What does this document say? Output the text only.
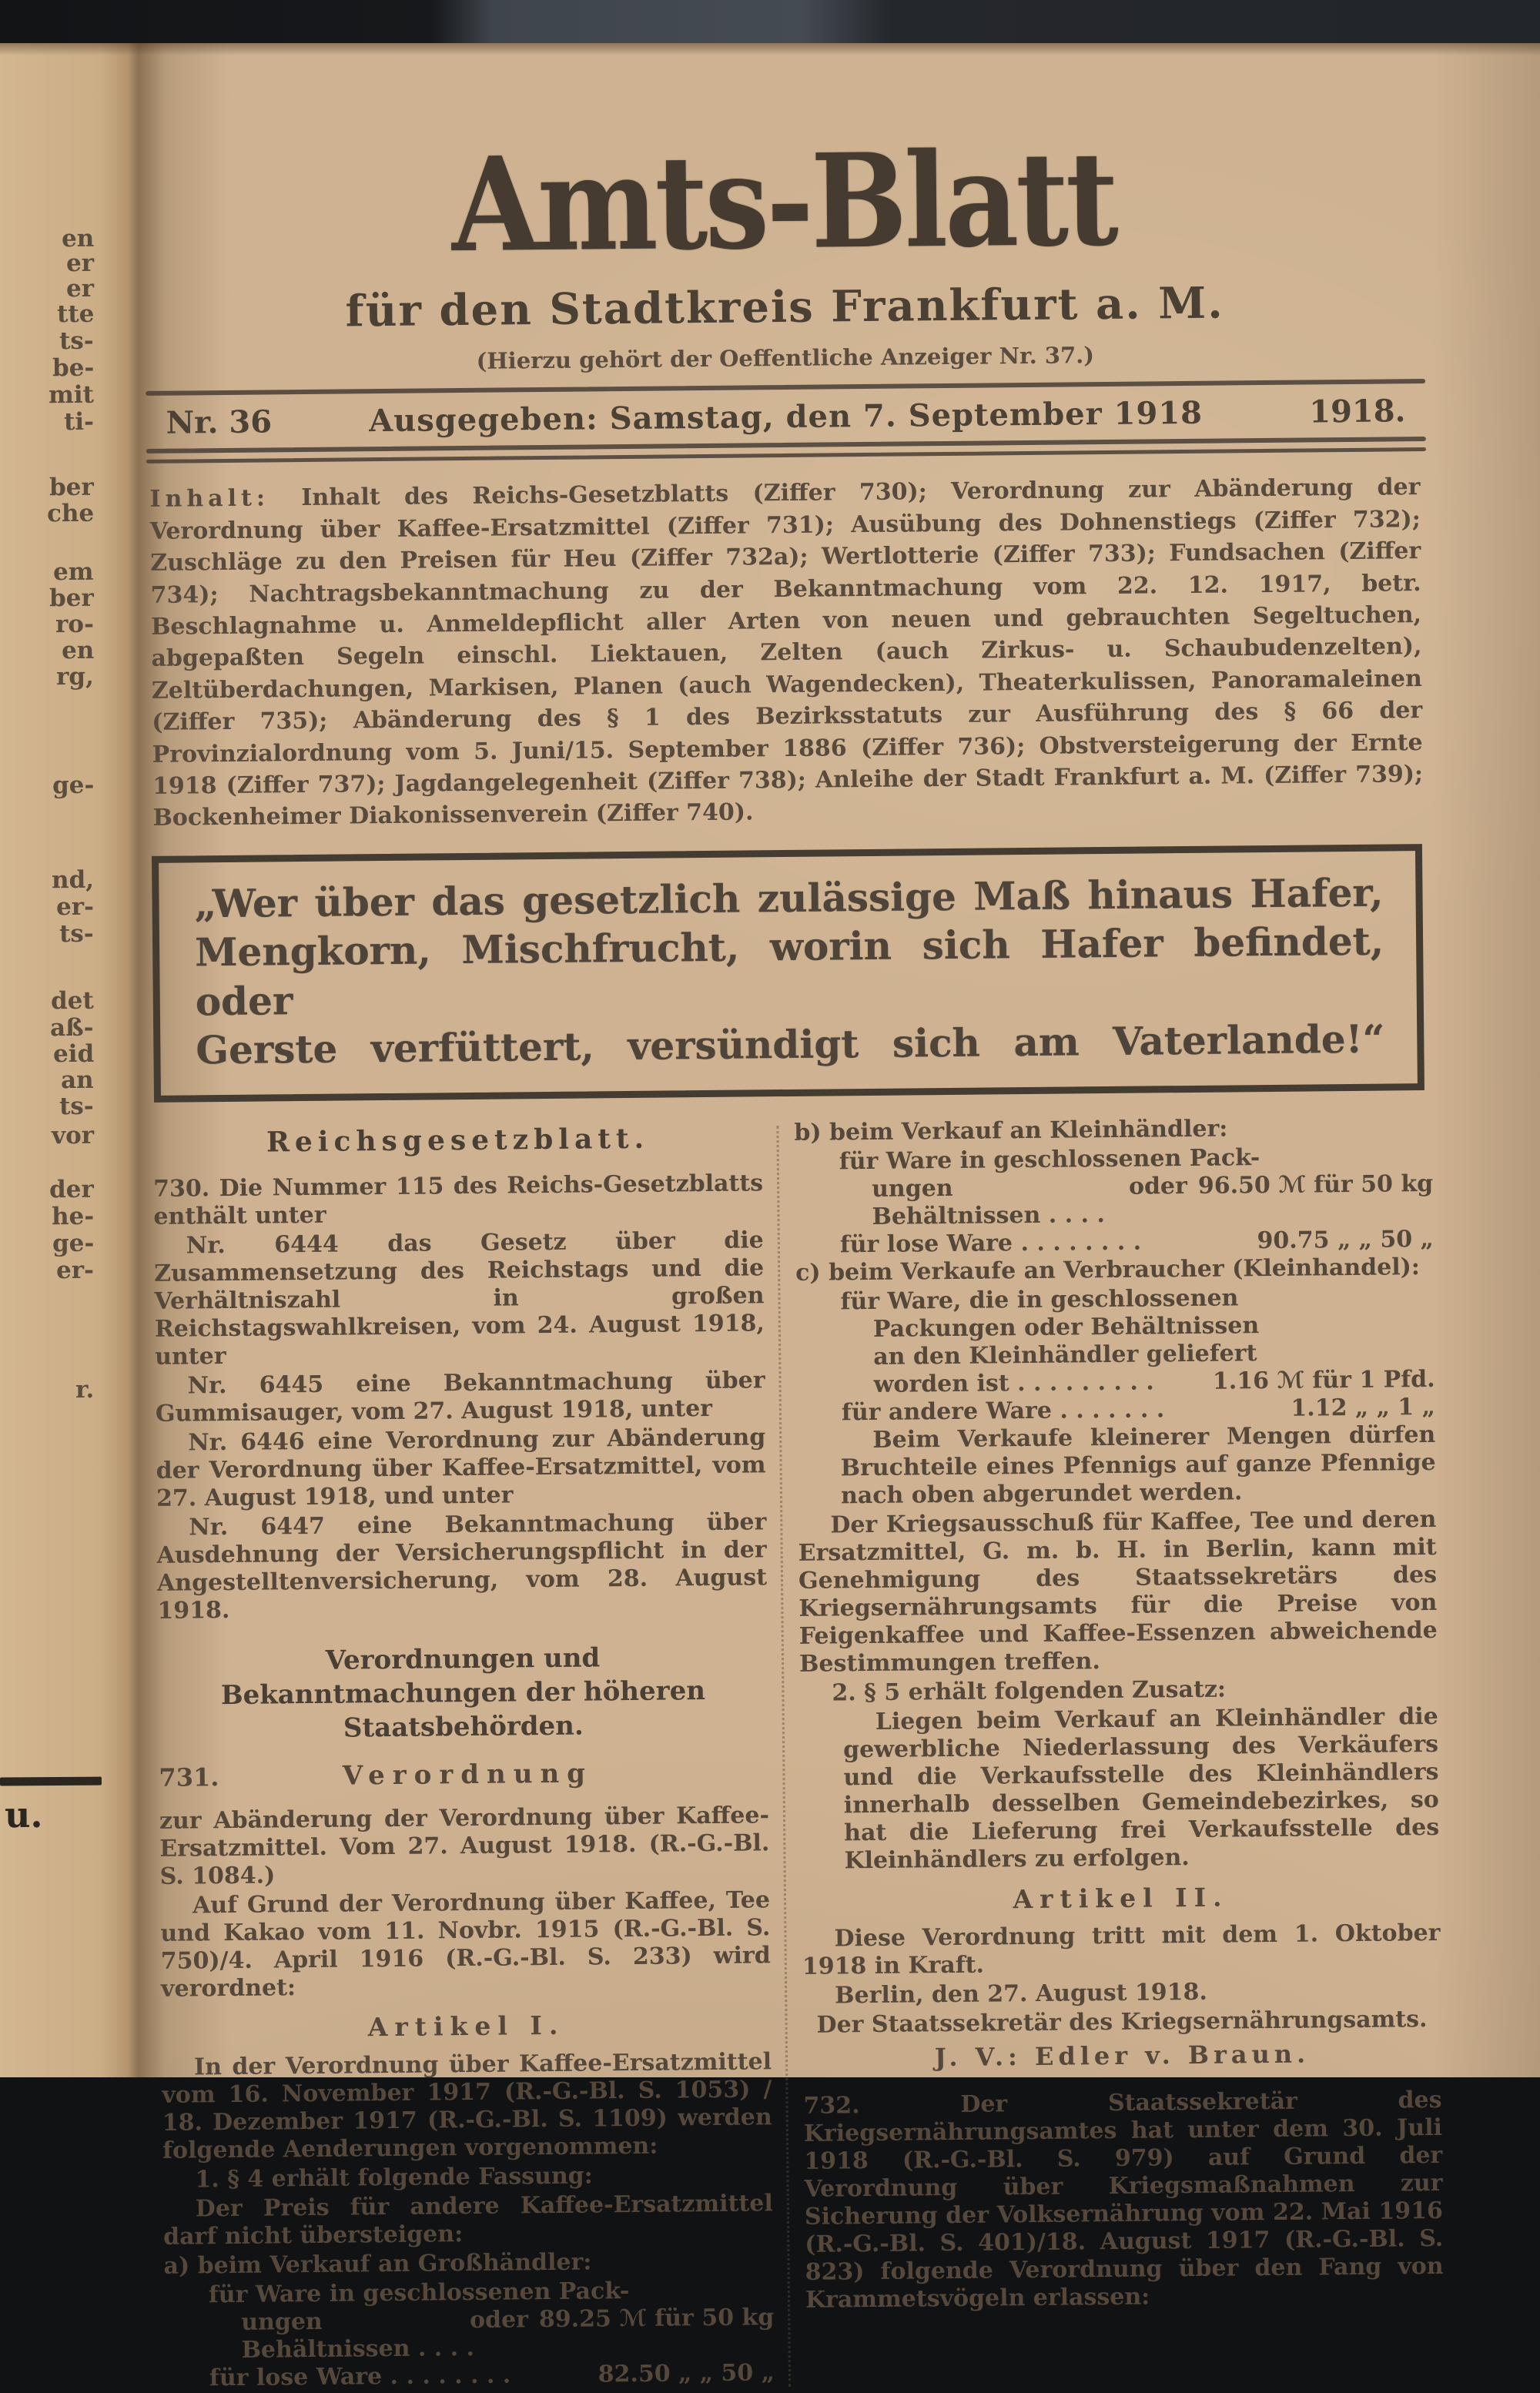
en
er
er
tte
ts-
be-
mit
ti-
ber
che
em
ber
ro-
en
rg,
ge-
nd,
er-
ts-
det
aß-
eid
an
ts-
vor
der
he-
ge-
er-
r.
u.
Amts-Blatt
für den Stadtkreis Frankfurt a. M.
(Hierzu gehört der Oeffentliche Anzeiger Nr. 37.)
Nr. 36	Ausgegeben: Samstag, den 7. September 1918	1918.

Inhalt: Inhalt des Reichs-Gesetzblatts (Ziffer 730); Verordnung zur Abänderung der Verordnung über Kaffee-Ersatzmittel (Ziffer 731); Ausübung des Dohnenstiegs (Ziffer 732); Zuschläge zu den Preisen für Heu (Ziffer 732a); Wertlotterie (Ziffer 733); Fundsachen (Ziffer 734); Nachtragsbekanntmachung zu der Bekanntmachung vom 22. 12. 1917, betr. Beschlagnahme u. Anmeldepflicht aller Arten von neuen und gebrauchten Segeltuchen, abgepaßten Segeln einschl. Liektauen, Zelten (auch Zirkus- u. Schaubudenzelten), Zeltüberdachungen, Markisen, Planen (auch Wagendecken), Theaterkulissen, Panoramaleinen (Ziffer 735); Abänderung des § 1 des Bezirksstatuts zur Ausführung des § 66 der Provinzialordnung vom 5. Juni/15. September 1886 (Ziffer 736); Obstversteigerung der Ernte 1918 (Ziffer 737); Jagdangelegenheit (Ziffer 738); Anleihe der Stadt Frankfurt a. M. (Ziffer 739); Bockenheimer Diakonissenverein (Ziffer 740).

„Wer über das gesetzlich zulässige Maß hinaus Hafer,
Mengkorn, Mischfrucht, worin sich Hafer befindet, oder
Gerste verfüttert, versündigt sich am Vaterlande!“
Reichsgesetzblatt.

730. Die Nummer 115 des Reichs-Gesetzblatts enthält unter

Nr. 6444 das Gesetz über die Zusammensetzung des Reichstags und die Verhältniszahl in großen Reichstagswahlkreisen, vom 24. August 1918, unter

Nr. 6445 eine Bekanntmachung über Gummisauger, vom 27. August 1918, unter

Nr. 6446 eine Verordnung zur Abänderung der Verordnung über Kaffee-Ersatzmittel, vom 27. August 1918, und unter

Nr. 6447 eine Bekanntmachung über Ausdehnung der Versicherungspflicht in der Angestelltenversicherung, vom 28. August 1918.

Verordnungen und Bekanntmachungen der höheren Staatsbehörden.
731.	Verordnung

zur Abänderung der Verordnung über Kaffee-Ersatzmittel. Vom 27. August 1918. (R.-G.-Bl. S. 1084.)

Auf Grund der Verordnung über Kaffee, Tee und Kakao vom 11. Novbr. 1915 (R.-G.-Bl. S. 750)/4. April 1916 (R.-G.-Bl. S. 233) wird verordnet:

Artikel I.

In der Verordnung über Kaffee-Ersatzmittel vom 16. November 1917 (R.-G.-Bl. S. 1053) / 18. Dezember 1917 (R.-G.-Bl. S. 1109) werden folgende Aenderungen vorgenommen:

1. § 4 erhält folgende Fassung:

Der Preis für andere Kaffee-Ersatzmittel darf nicht übersteigen:

a) beim Verkauf an Großhändler:

für Ware in geschlossenen Pack-

ungen oder Behältnissen . . . .
89.25 ℳ für 50 kg

für lose Ware . . . . . . . .	82.50 „ „ 50 „

b) beim Verkauf an Kleinhändler:

für Ware in geschlossenen Pack-

ungen oder Behältnissen . . . .
96.50 ℳ für 50 kg

für lose Ware . . . . . . . .	90.75 „ „ 50 „

c) beim Verkaufe an Verbraucher (Kleinhandel):

für Ware, die in geschlossenen

Packungen oder Behältnissen

an den Kleinhändler geliefert

worden ist . . . . . . . . .	1.16 ℳ für 1 Pfd.

für andere Ware . . . . . . .	1.12 „ „ 1 „

Beim Verkaufe kleinerer Mengen dürfen Bruchteile eines Pfennigs auf ganze Pfennige nach oben abgerundet werden.

Der Kriegsausschuß für Kaffee, Tee und deren Ersatzmittel, G. m. b. H. in Berlin, kann mit Genehmigung des Staatssekretärs des Kriegsernährungsamts für die Preise von Feigenkaffee und Kaffee-Essenzen abweichende Bestimmungen treffen.

2. § 5 erhält folgenden Zusatz:

Liegen beim Verkauf an Kleinhändler die gewerbliche Niederlassung des Verkäufers und die Verkaufsstelle des Kleinhändlers innerhalb desselben Gemeindebezirkes, so hat die Lieferung frei Verkaufsstelle des Kleinhändlers zu erfolgen.

Artikel II.

Diese Verordnung tritt mit dem 1. Oktober 1918 in Kraft.

Berlin, den 27. August 1918.

Der Staatssekretär des Kriegsernährungsamts.

J. V.: Edler v. Braun.

732. Der Staatssekretär des Kriegsernährungsamtes hat unter dem 30. Juli 1918 (R.-G.-Bl. S. 979) auf Grund der Verordnung über Kriegsmaßnahmen zur Sicherung der Volksernährung vom 22. Mai 1916 (R.-G.-Bl. S. 401)/18. August 1917 (R.-G.-Bl. S. 823) folgende Verordnung über den Fang von Krammetsvögeln erlassen:
